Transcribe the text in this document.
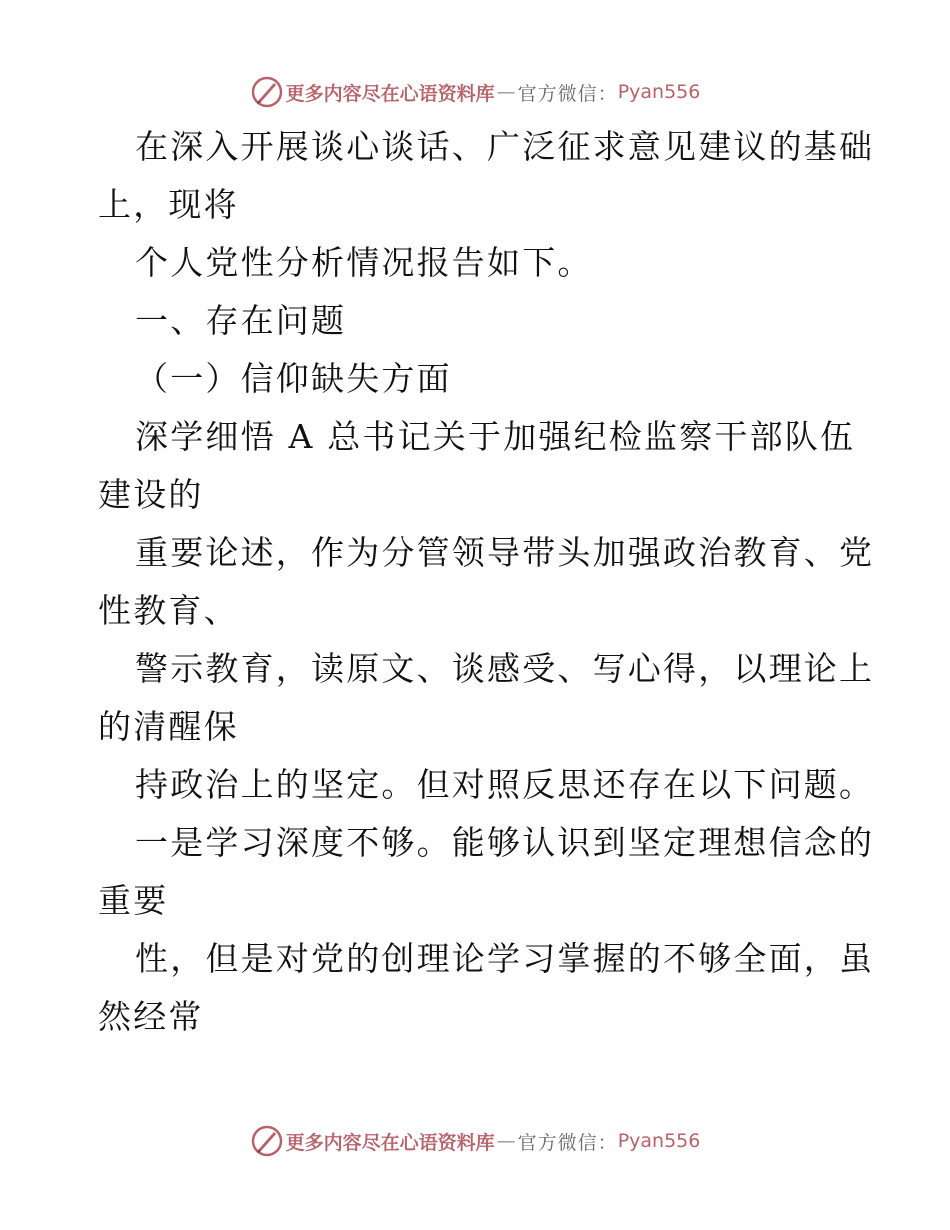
更多内容尽在心语资料库 — 官方微信： Pyan556
在深入开展谈心谈话、广泛征求意见建议的基础
上，现将
个人党性分析情况报告如下。
一、存在问题
（一）信仰缺失方面
深学细悟 A 总书记关于加强纪检监察干部队伍
建设的
重要论述，作为分管领导带头加强政治教育、党
性教育、
警示教育，读原文、谈感受、写心得，以理论上
的清醒保
持政治上的坚定。但对照反思还存在以下问题。
一是学习深度不够。能够认识到坚定理想信念的
重要
性，但是对党的创理论学习掌握的不够全面，虽
然经常
更多内容尽在心语资料库 — 官方微信： Pyan556
